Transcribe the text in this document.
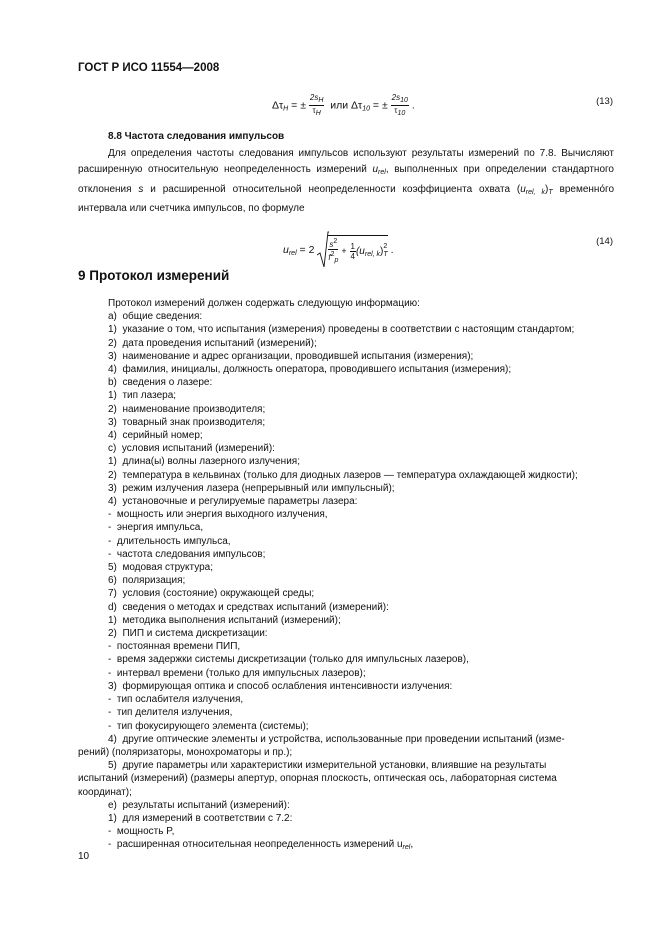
ГОСТ Р ИСО 11554—2008
$\Delta\tau_H$ = ± $\frac{2sH}{\tau H}$ или $\Delta\tau_{10}$ = ± $\frac{2s10}{\tau 10}$ .	(13)
8.8 Частота следования импульсов
Для определения частоты следования импульсов используют результаты измерений по 7.8. Вычисляют расширенную относительную неопределенность измерений $u_{rel}$, выполненных при определении стандартного отклонения s и расширенной относительной неопределенности коэффициента охвата $(u_{rel, k})_T$ временно́го интервала или счетчика импульсов, по формуле
$u_{rel} = 2 \frac{s2}{f2p} + \frac{1}{4} (u_{rel, k})$ 2
T .
(14)
9 Протокол измерений
Протокол измерений должен содержать следующую информацию:
a)  общие сведения:
1)  указание о том, что испытания (измерения) проведены в соответствии с настоящим стандартом;
2)  дата проведения испытаний (измерений);
3)  наименование и адрес организации, проводившей испытания (измерения);
4)  фамилия, инициалы, должность оператора, проводившего испытания (измерения);
b)  сведения о лазере:
1)  тип лазера;
2)  наименование производителя;
3)  товарный знак производителя;
4)  серийный номер;
c)  условия испытаний (измерений):
1)  длина(ы) волны лазерного излучения;
2)  температура в кельвинах (только для диодных лазеров — температура охлаждающей жидкости);
3)  режим излучения лазера (непрерывный или импульсный);
4)  установочные и регулируемые параметры лазера:
-  мощность или энергия выходного излучения,
-  энергия импульса,
-  длительность импульса,
-  частота следования импульсов;
5)  модовая структура;
6)  поляризация;
7)  условия (состояние) окружающей среды;
d)  сведения о методах и средствах испытаний (измерений):
1)  методика выполнения испытаний (измерений);
2)  ПИП и система дискретизации:
-  постоянная времени ПИП,
-  время задержки системы дискретизации (только для импульсных лазеров),
-  интервал времени (только для импульсных лазеров);
3)  формирующая оптика и способ ослабления интенсивности излучения:
-  тип ослабителя излучения,
-  тип делителя излучения,
-  тип фокусирующего элемента (системы);
4)  другие оптические элементы и устройства, использованные при проведении испытаний (изме-
рений) (поляризаторы, монохроматоры и пр.);
5)  другие параметры или характеристики измерительной установки, влиявшие на результаты
испытаний (измерений) (размеры апертур, опорная плоскость, оптическая ось, лабораторная система
координат);
e)  результаты испытаний (измерений):
1)  для измерений в соответствии с 7.2:
-  мощность P,
-  расширенная относительная неопределенность измерений $u_{rel}$,
10
